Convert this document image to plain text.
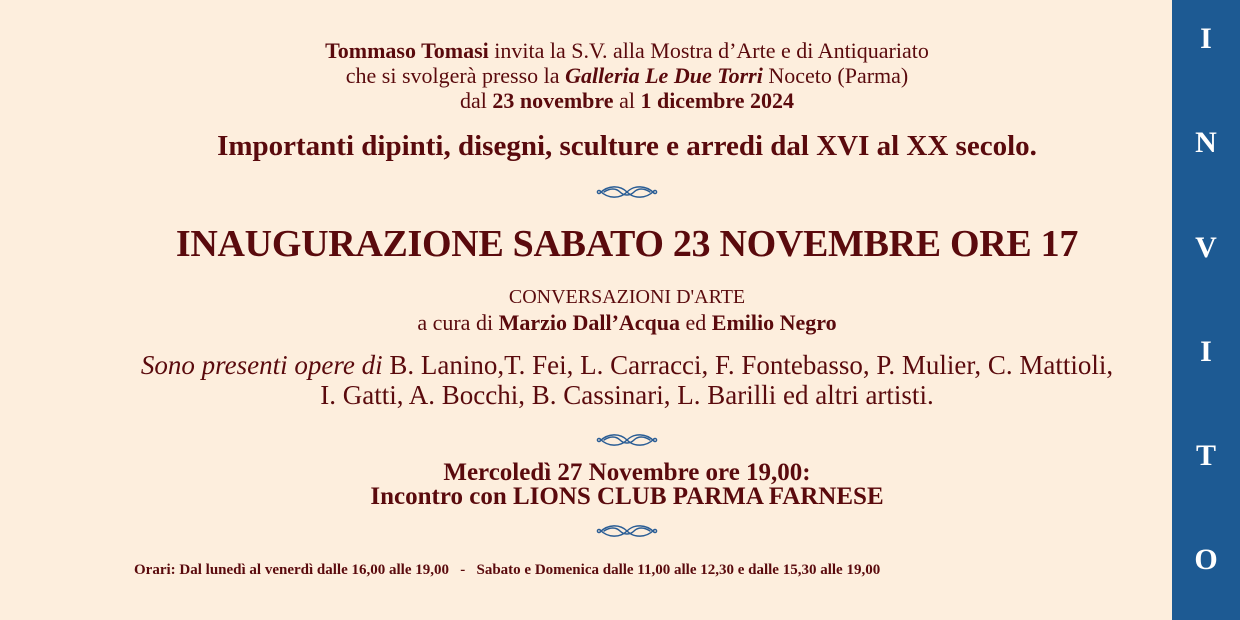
Tommaso Tomasi invita la S.V. alla Mostra d’Arte e di Antiquariato
che si svolgerà presso la Galleria Le Due Torri Noceto (Parma)
dal 23 novembre al 1 dicembre 2024
Importanti dipinti, disegni, sculture e arredi dal XVI al XX secolo.
INAUGURAZIONE SABATO 23 NOVEMBRE ORE 17
CONVERSAZIONI D'ARTE
a cura di Marzio Dall’Acqua ed Emilio Negro
Sono presenti opere di B. Lanino,T. Fei, L. Carracci, F. Fontebasso, P. Mulier, C. Mattioli,
I. Gatti, A. Bocchi, B. Cassinari, L. Barilli ed altri artisti.
Mercoledì 27 Novembre ore 19,00:
Incontro con LIONS CLUB PARMA FARNESE
Orari: Dal lunedì al venerdì dalle 16,00 alle 19,00   -   Sabato e Domenica dalle 11,00 alle 12,30 e dalle 15,30 alle 19,00
I
N
V
I
T
O
